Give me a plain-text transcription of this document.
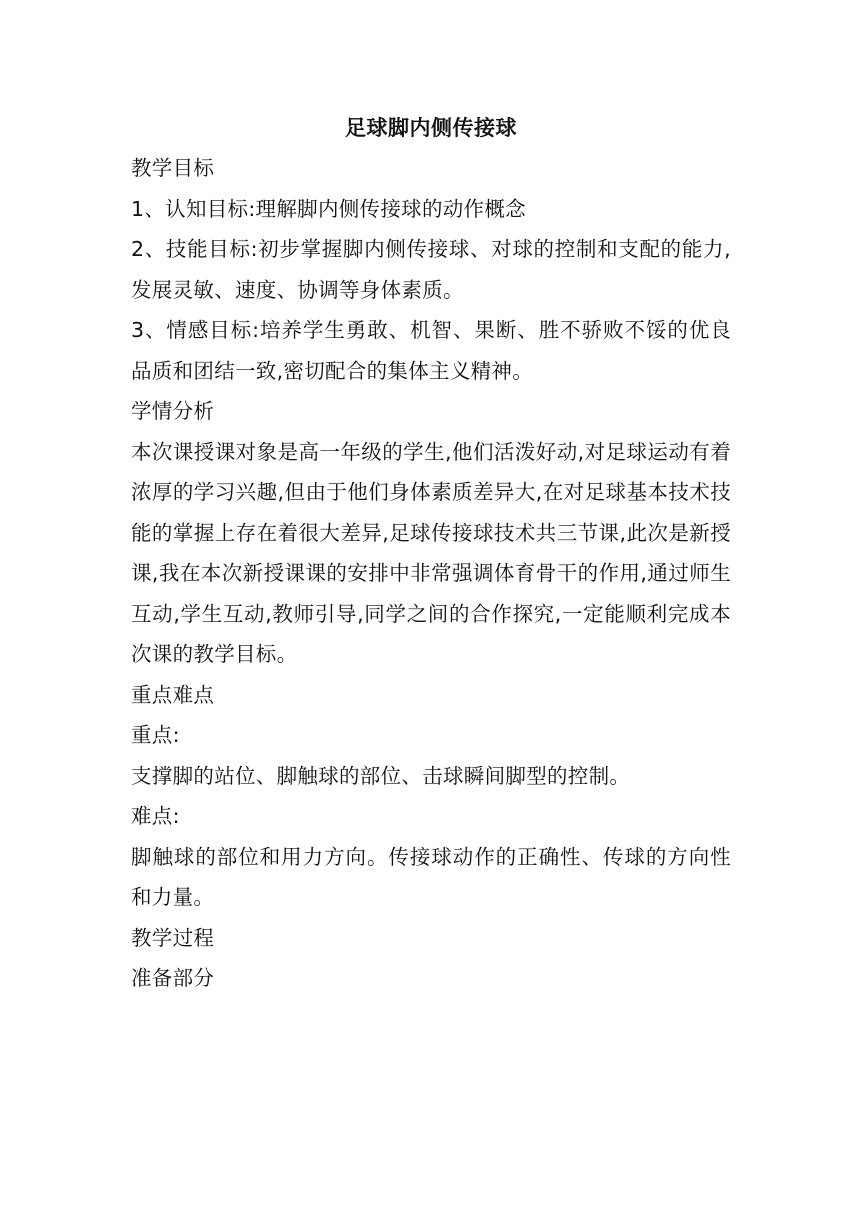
足球脚内侧传接球

教学目标

1、认知目标:理解脚内侧传接球的动作概念

2、技能目标:初步掌握脚内侧传接球、对球的控制和支配的能力,发展灵敏、速度、协调等身体素质。

3、情感目标:培养学生勇敢、机智、果断、胜不骄败不馁的优良品质和团结一致,密切配合的集体主义精神。

学情分析

本次课授课对象是高一年级的学生,他们活泼好动,对足球运动有着浓厚的学习兴趣,但由于他们身体素质差异大,在对足球基本技术技能的掌握上存在着很大差异,足球传接球技术共三节课,此次是新授课,我在本次新授课课的安排中非常强调体育骨干的作用,通过师生互动,学生互动,教师引导,同学之间的合作探究,一定能顺利完成本次课的教学目标。

重点难点

重点:

支撑脚的站位、脚触球的部位、击球瞬间脚型的控制。

难点:

脚触球的部位和用力方向。传接球动作的正确性、传球的方向性和力量。

教学过程

准备部分
